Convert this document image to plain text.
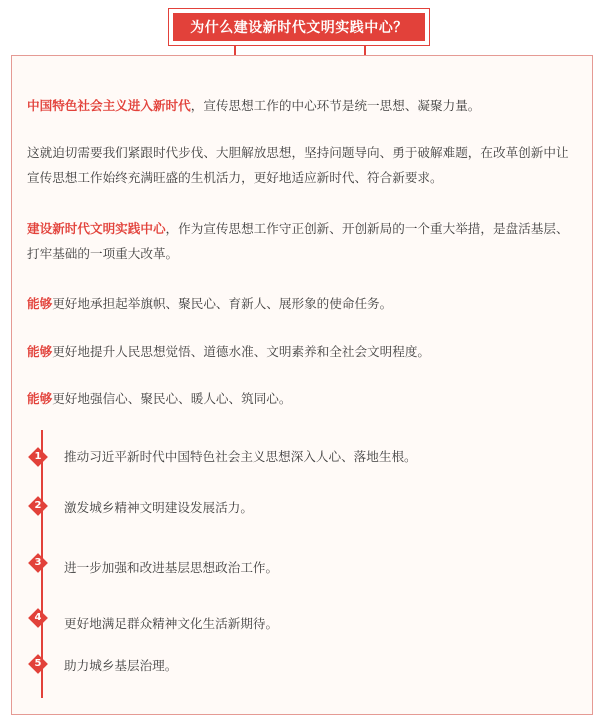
为什么建设新时代文明实践中心？

中国特色社会主义进入新时代，宣传思想工作的中心环节是统一思想、凝聚力量。

这就迫切需要我们紧跟时代步伐、大胆解放思想，坚持问题导向、勇于破解难题，在改革创新中让宣传思想工作始终充满旺盛的生机活力，更好地适应新时代、符合新要求。

建设新时代文明实践中心，作为宣传思想工作守正创新、开创新局的一个重大举措，是盘活基层、打牢基础的一项重大改革。

能够更好地承担起举旗帜、聚民心、育新人、展形象的使命任务。

能够更好地提升人民思想觉悟、道德水准、文明素养和全社会文明程度。

能够更好地强信心、聚民心、暖人心、筑同心。

1 推动习近平新时代中国特色社会主义思想深入人心、落地生根。
2 激发城乡精神文明建设发展活力。
3 进一步加强和改进基层思想政治工作。
4 更好地满足群众精神文化生活新期待。
5 助力城乡基层治理。
